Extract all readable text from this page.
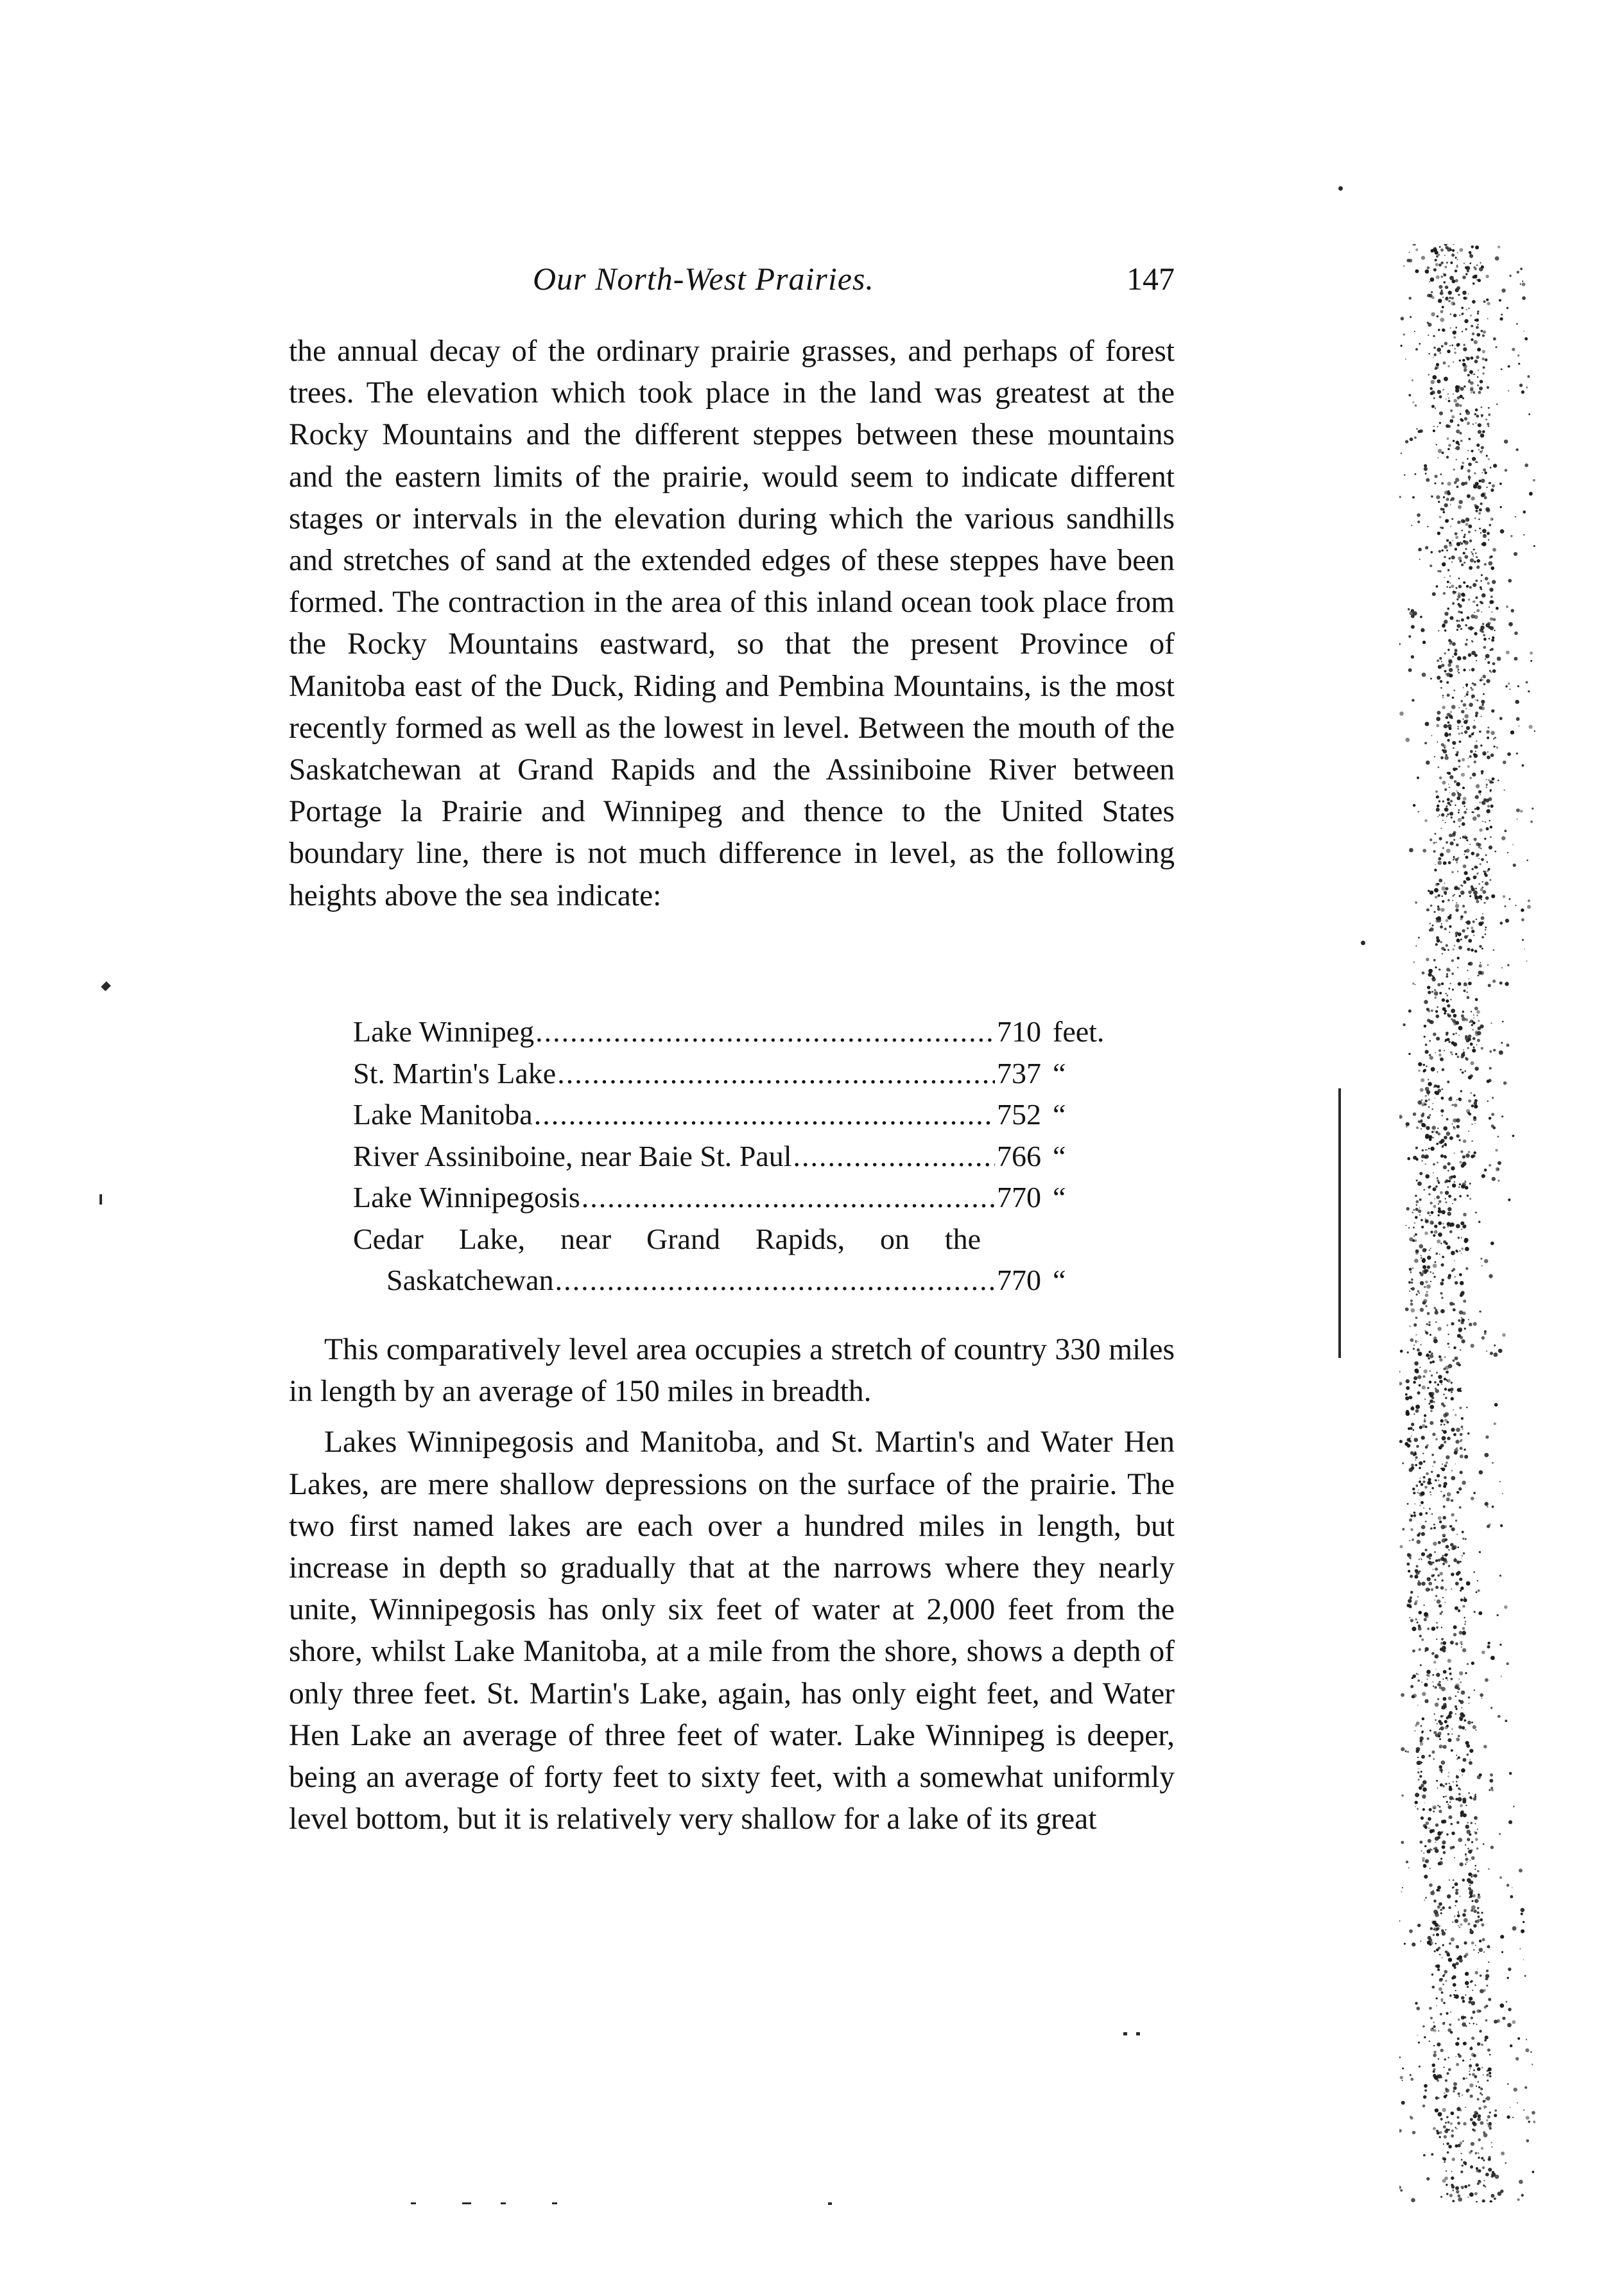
Our North-West Prairies.	147

the annual decay of the ordinary prairie grasses, and perhaps of forest trees. The elevation which took place in the land was greatest at the Rocky Mountains and the different steppes between these mountains and the eastern limits of the prairie, would seem to indicate different stages or intervals in the elevation during which the various sandhills and stretches of sand at the extended edges of these steppes have been formed. The contraction in the area of this inland ocean took place from the Rocky Mountains eastward, so that the present Province of Manitoba east of the Duck, Riding and Pembina Mountains, is the most recently formed as well as the lowest in level. Between the mouth of the Saskatchewan at Grand Rapids and the Assiniboine River between Portage la Prairie and Winnipeg and thence to the United States boundary line, there is not much difference in level, as the following heights above the sea indicate:

Lake Winnipeg .....	710 feet.
St. Martin's Lake .....	737 “
Lake Manitoba .....	752 “
River Assiniboine, near Baie St. Paul .....	766 “
Lake Winnipegosis .....	770 “
Cedar Lake, near Grand Rapids, on the
Saskatchewan .....	770 “

This comparatively level area occupies a stretch of country 330 miles in length by an average of 150 miles in breadth.

Lakes Winnipegosis and Manitoba, and St. Martin's and Water Hen Lakes, are mere shallow depressions on the surface of the prairie. The two first named lakes are each over a hundred miles in length, but increase in depth so gradually that at the narrows where they nearly unite, Winnipegosis has only six feet of water at 2,000 feet from the shore, whilst Lake Manitoba, at a mile from the shore, shows a depth of only three feet. St. Martin's Lake, again, has only eight feet, and Water Hen Lake an average of three feet of water. Lake Winnipeg is deeper, being an average of forty feet to sixty feet, with a somewhat uniformly level bottom, but it is relatively very shallow for a lake of its great
